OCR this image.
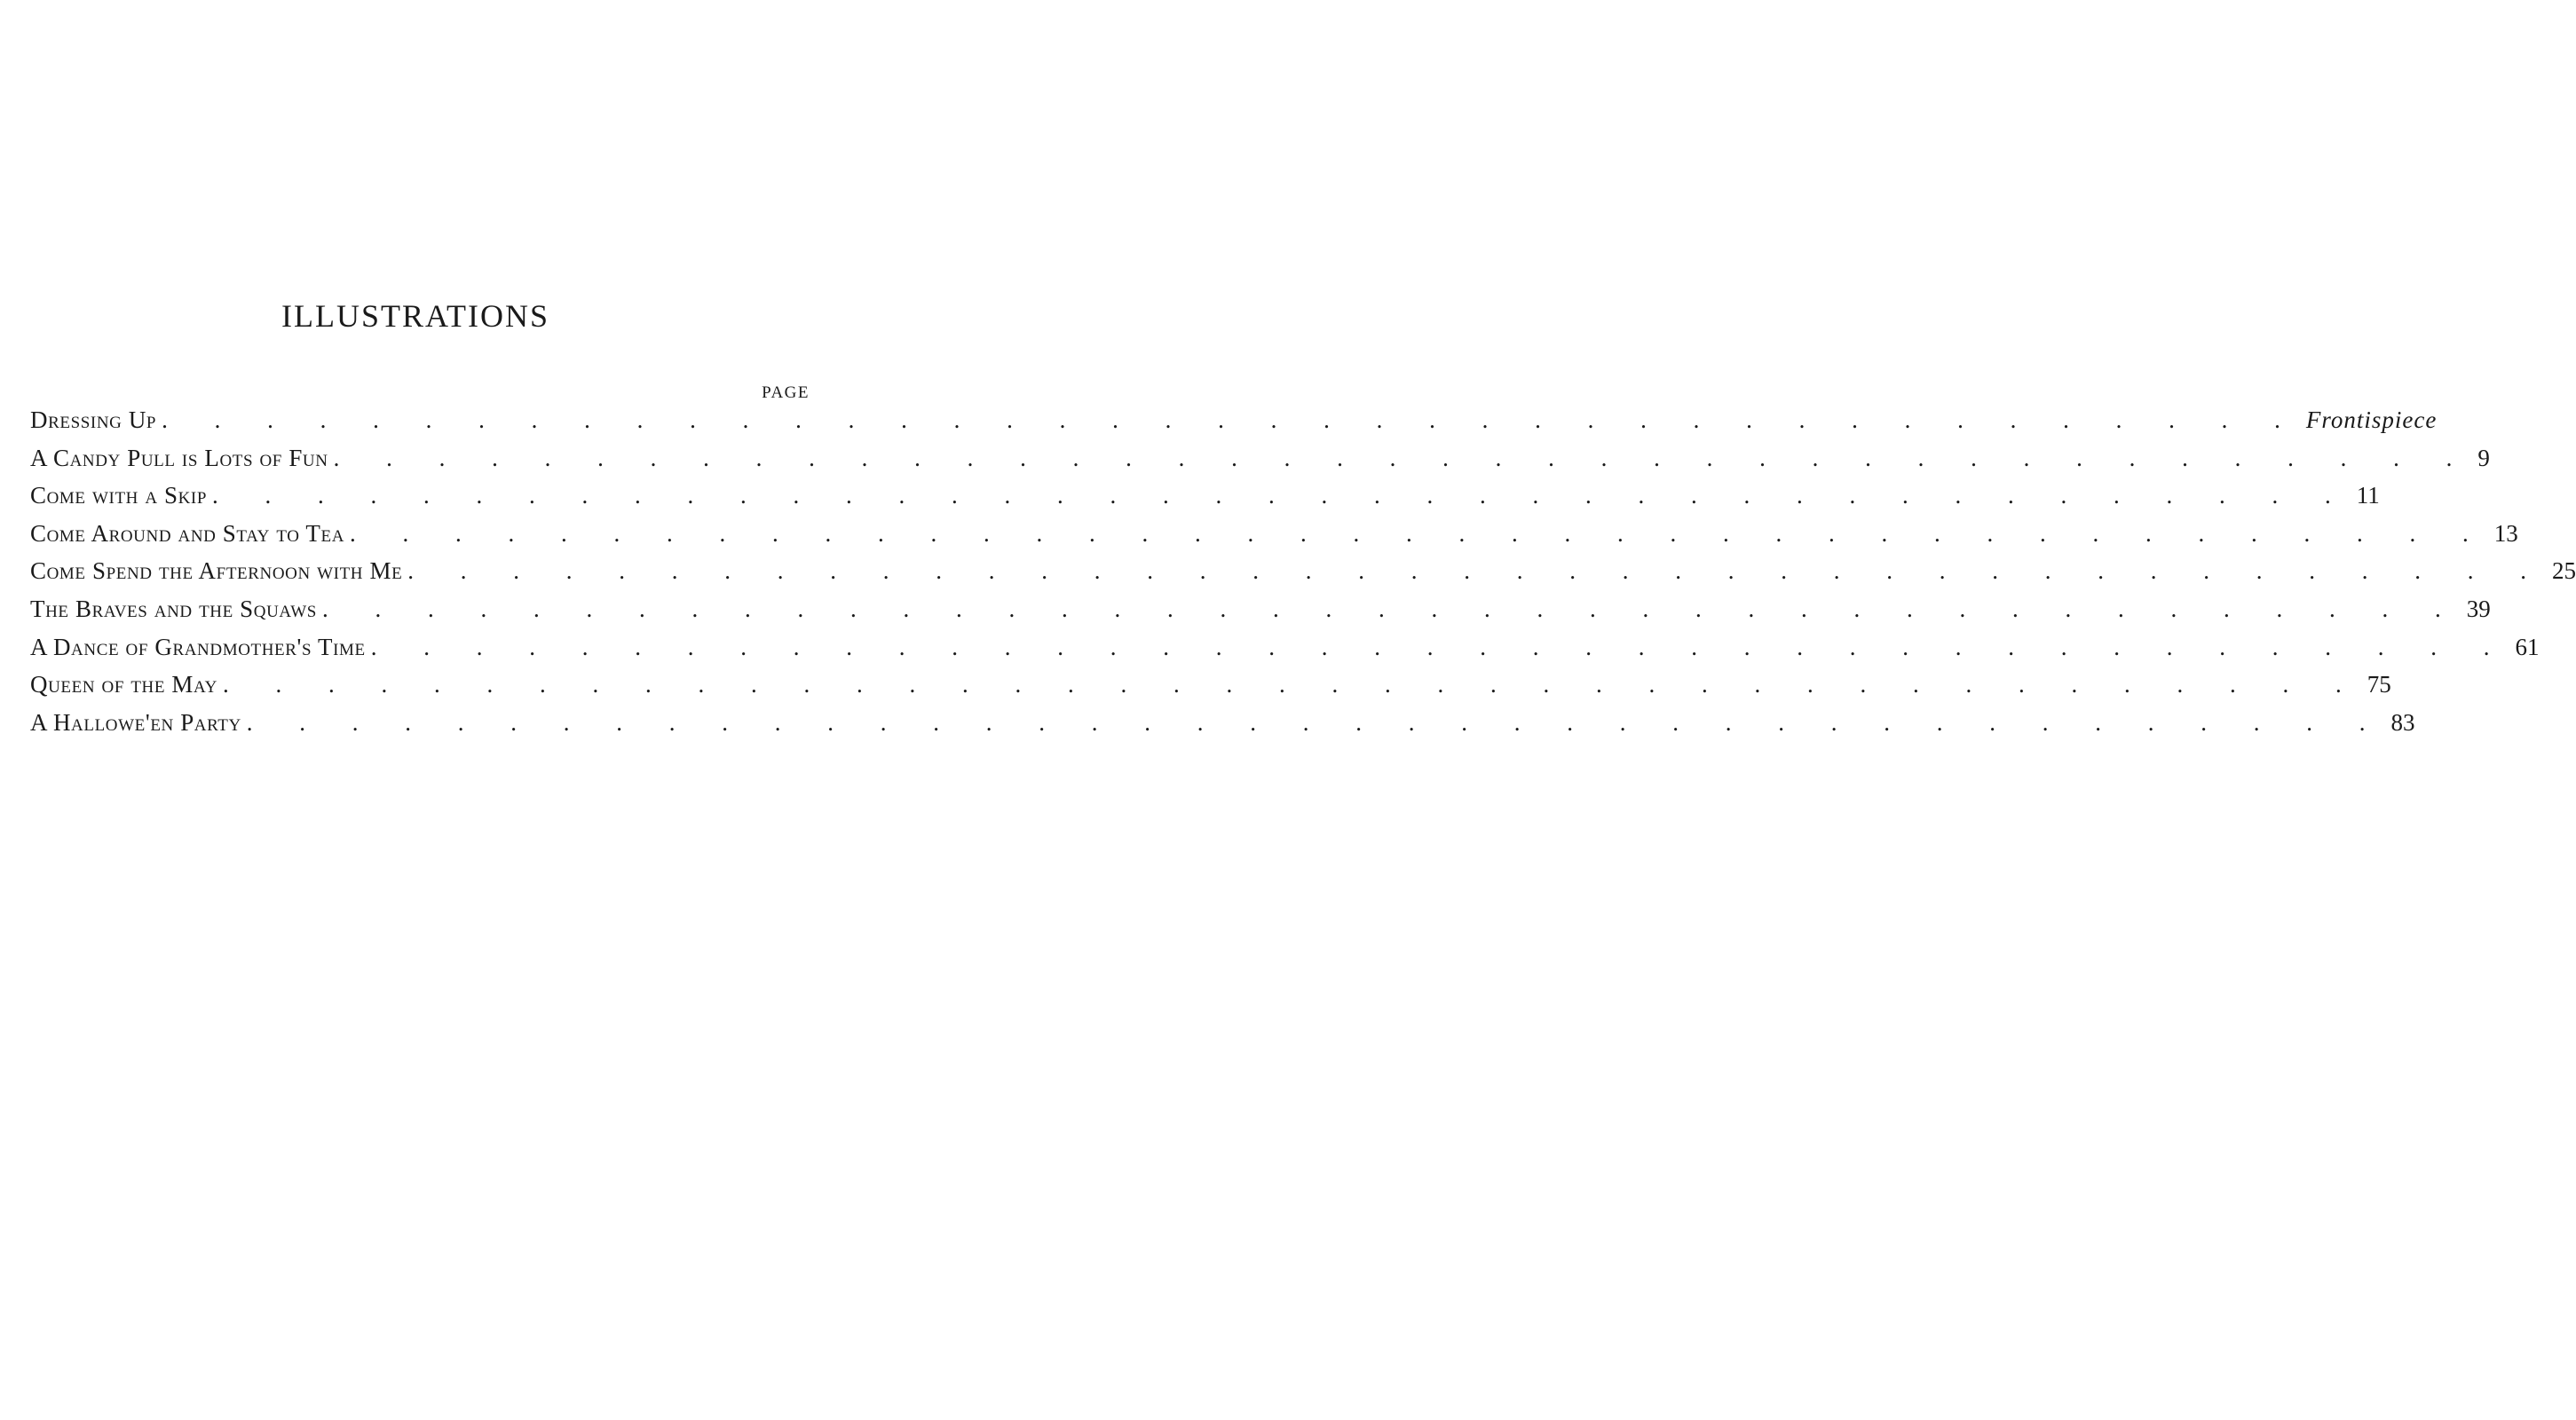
ILLUSTRATIONS
PAGE
Dressing Up . . . . . . . . . . . . . . . . . . . . . . . . . . . . . . . . . . . . . . . . . Frontispiece
A Candy Pull is Lots of Fun . . . . . . . . . . . . . . . . . . . . . . . . . . . . . . . . . . . . . . . . . 9
Come with a Skip . . . . . . . . . . . . . . . . . . . . . . . . . . . . . . . . . . . . . . . . . 11
Come Around and Stay to Tea . . . . . . . . . . . . . . . . . . . . . . . . . . . . . . . . . . . . . . . . . 13
Come Spend the Afternoon with Me . . . . . . . . . . . . . . . . . . . . . . . . . . . . . . . . . . . . . . . . . 25
The Braves and the Squaws . . . . . . . . . . . . . . . . . . . . . . . . . . . . . . . . . . . . . . . . . 39
A Dance of Grandmother's Time . . . . . . . . . . . . . . . . . . . . . . . . . . . . . . . . . . . . . . . . . 61
Queen of the May . . . . . . . . . . . . . . . . . . . . . . . . . . . . . . . . . . . . . . . . . 75
A Hallowe'en Party . . . . . . . . . . . . . . . . . . . . . . . . . . . . . . . . . . . . . . . . . 83
